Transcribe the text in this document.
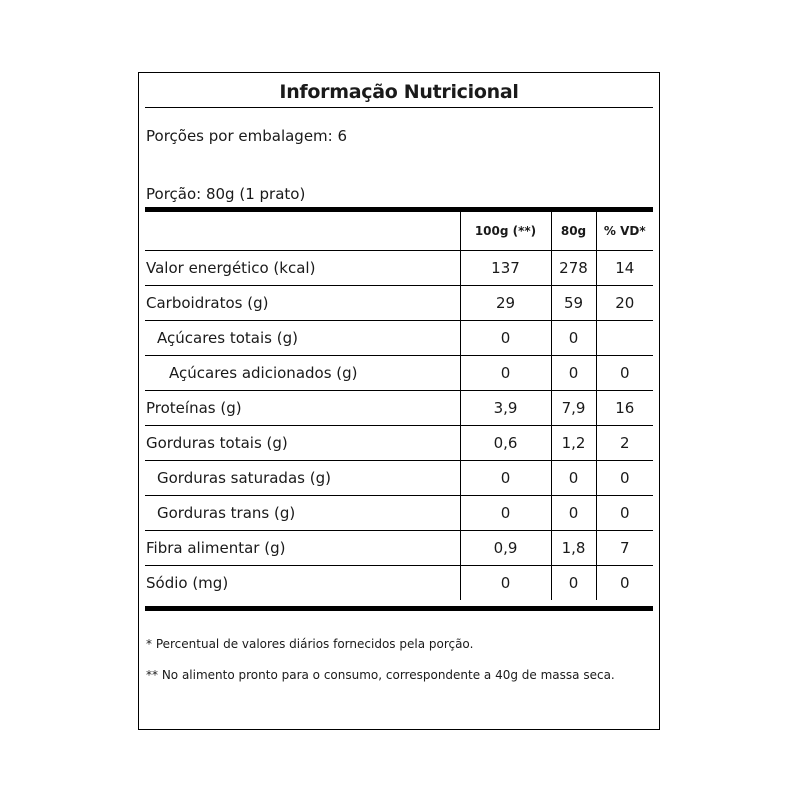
Informação Nutricional
Porções por embalagem: 6
Porção: 80g (1 prato)
	100g (**)	80g	% VD*
Valor energético (kcal)	137	278	14
Carboidratos (g)	29	59	20
Açúcares totais (g)	0	0	
Açúcares adicionados (g)	0	0	0
Proteínas (g)	3,9	7,9	16
Gorduras totais (g)	0,6	1,2	2
Gorduras saturadas (g)	0	0	0
Gorduras trans (g)	0	0	0
Fibra alimentar (g)	0,9	1,8	7
Sódio (mg)	0	0	0
* Percentual de valores diários fornecidos pela porção.
** No alimento pronto para o consumo, correspondente a 40g de massa seca.
